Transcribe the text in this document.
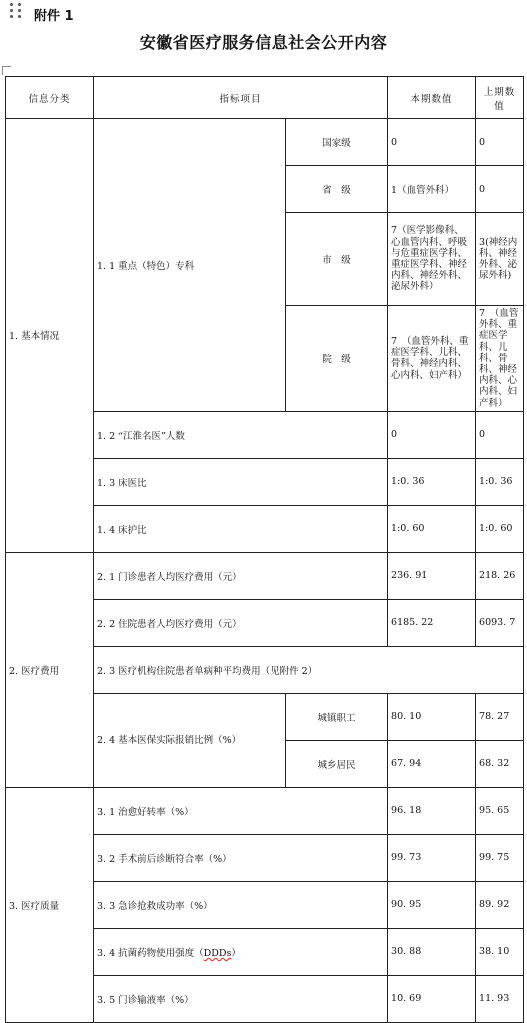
附件 1
安徽省医疗服务信息社会公开内容
信息分类	指标项目		本期数值	上期数值	
1. 基本情况	1. 1 重点（特色）专科	国家级	0	0	
		省　级	1（血管外科）	0	
		市　级	7（医学影像科、心血管内科、呼吸与危重症医学科、重症医学科、神经内科、神经外科、泌尿外科）	3(神经内科、神经外科、泌尿外科)	
		院　级	7　（血管外科、重症医学科、儿科、骨科、神经内科、心内科、妇产科）	7　（血管外科、重症医学科、儿科、骨科、神经内科、心内科、妇产科）	
	1. 2 “江淮名医”人数		0	0	
	1. 3 床医比		1:0. 36	1:0. 36	
	1. 4 床护比		1:0. 60	1:0. 60	
2. 医疗费用	2. 1 门诊患者人均医疗费用（元）		236. 91	218. 26	
	2. 2 住院患者人均医疗费用（元）		6185. 22	6093. 7	
	2. 3 医疗机构住院患者单病种平均费用（见附件 2）	
	2. 4 基本医保实际报销比例（%）	城镇职工	80. 10	78. 27	
		城乡居民	67. 94	68. 32	
3. 医疗质量	3. 1 治愈好转率（%）		96. 18	95. 65	
	3. 2 手术前后诊断符合率（%）		99. 73	99. 75	
	3. 3 急诊抢救成功率（%）		90. 95	89. 92	
	3. 4 抗菌药物使用强度（DDDs）		30. 88	38. 10	
	3. 5 门诊输液率（%）		10. 69	11. 93	
